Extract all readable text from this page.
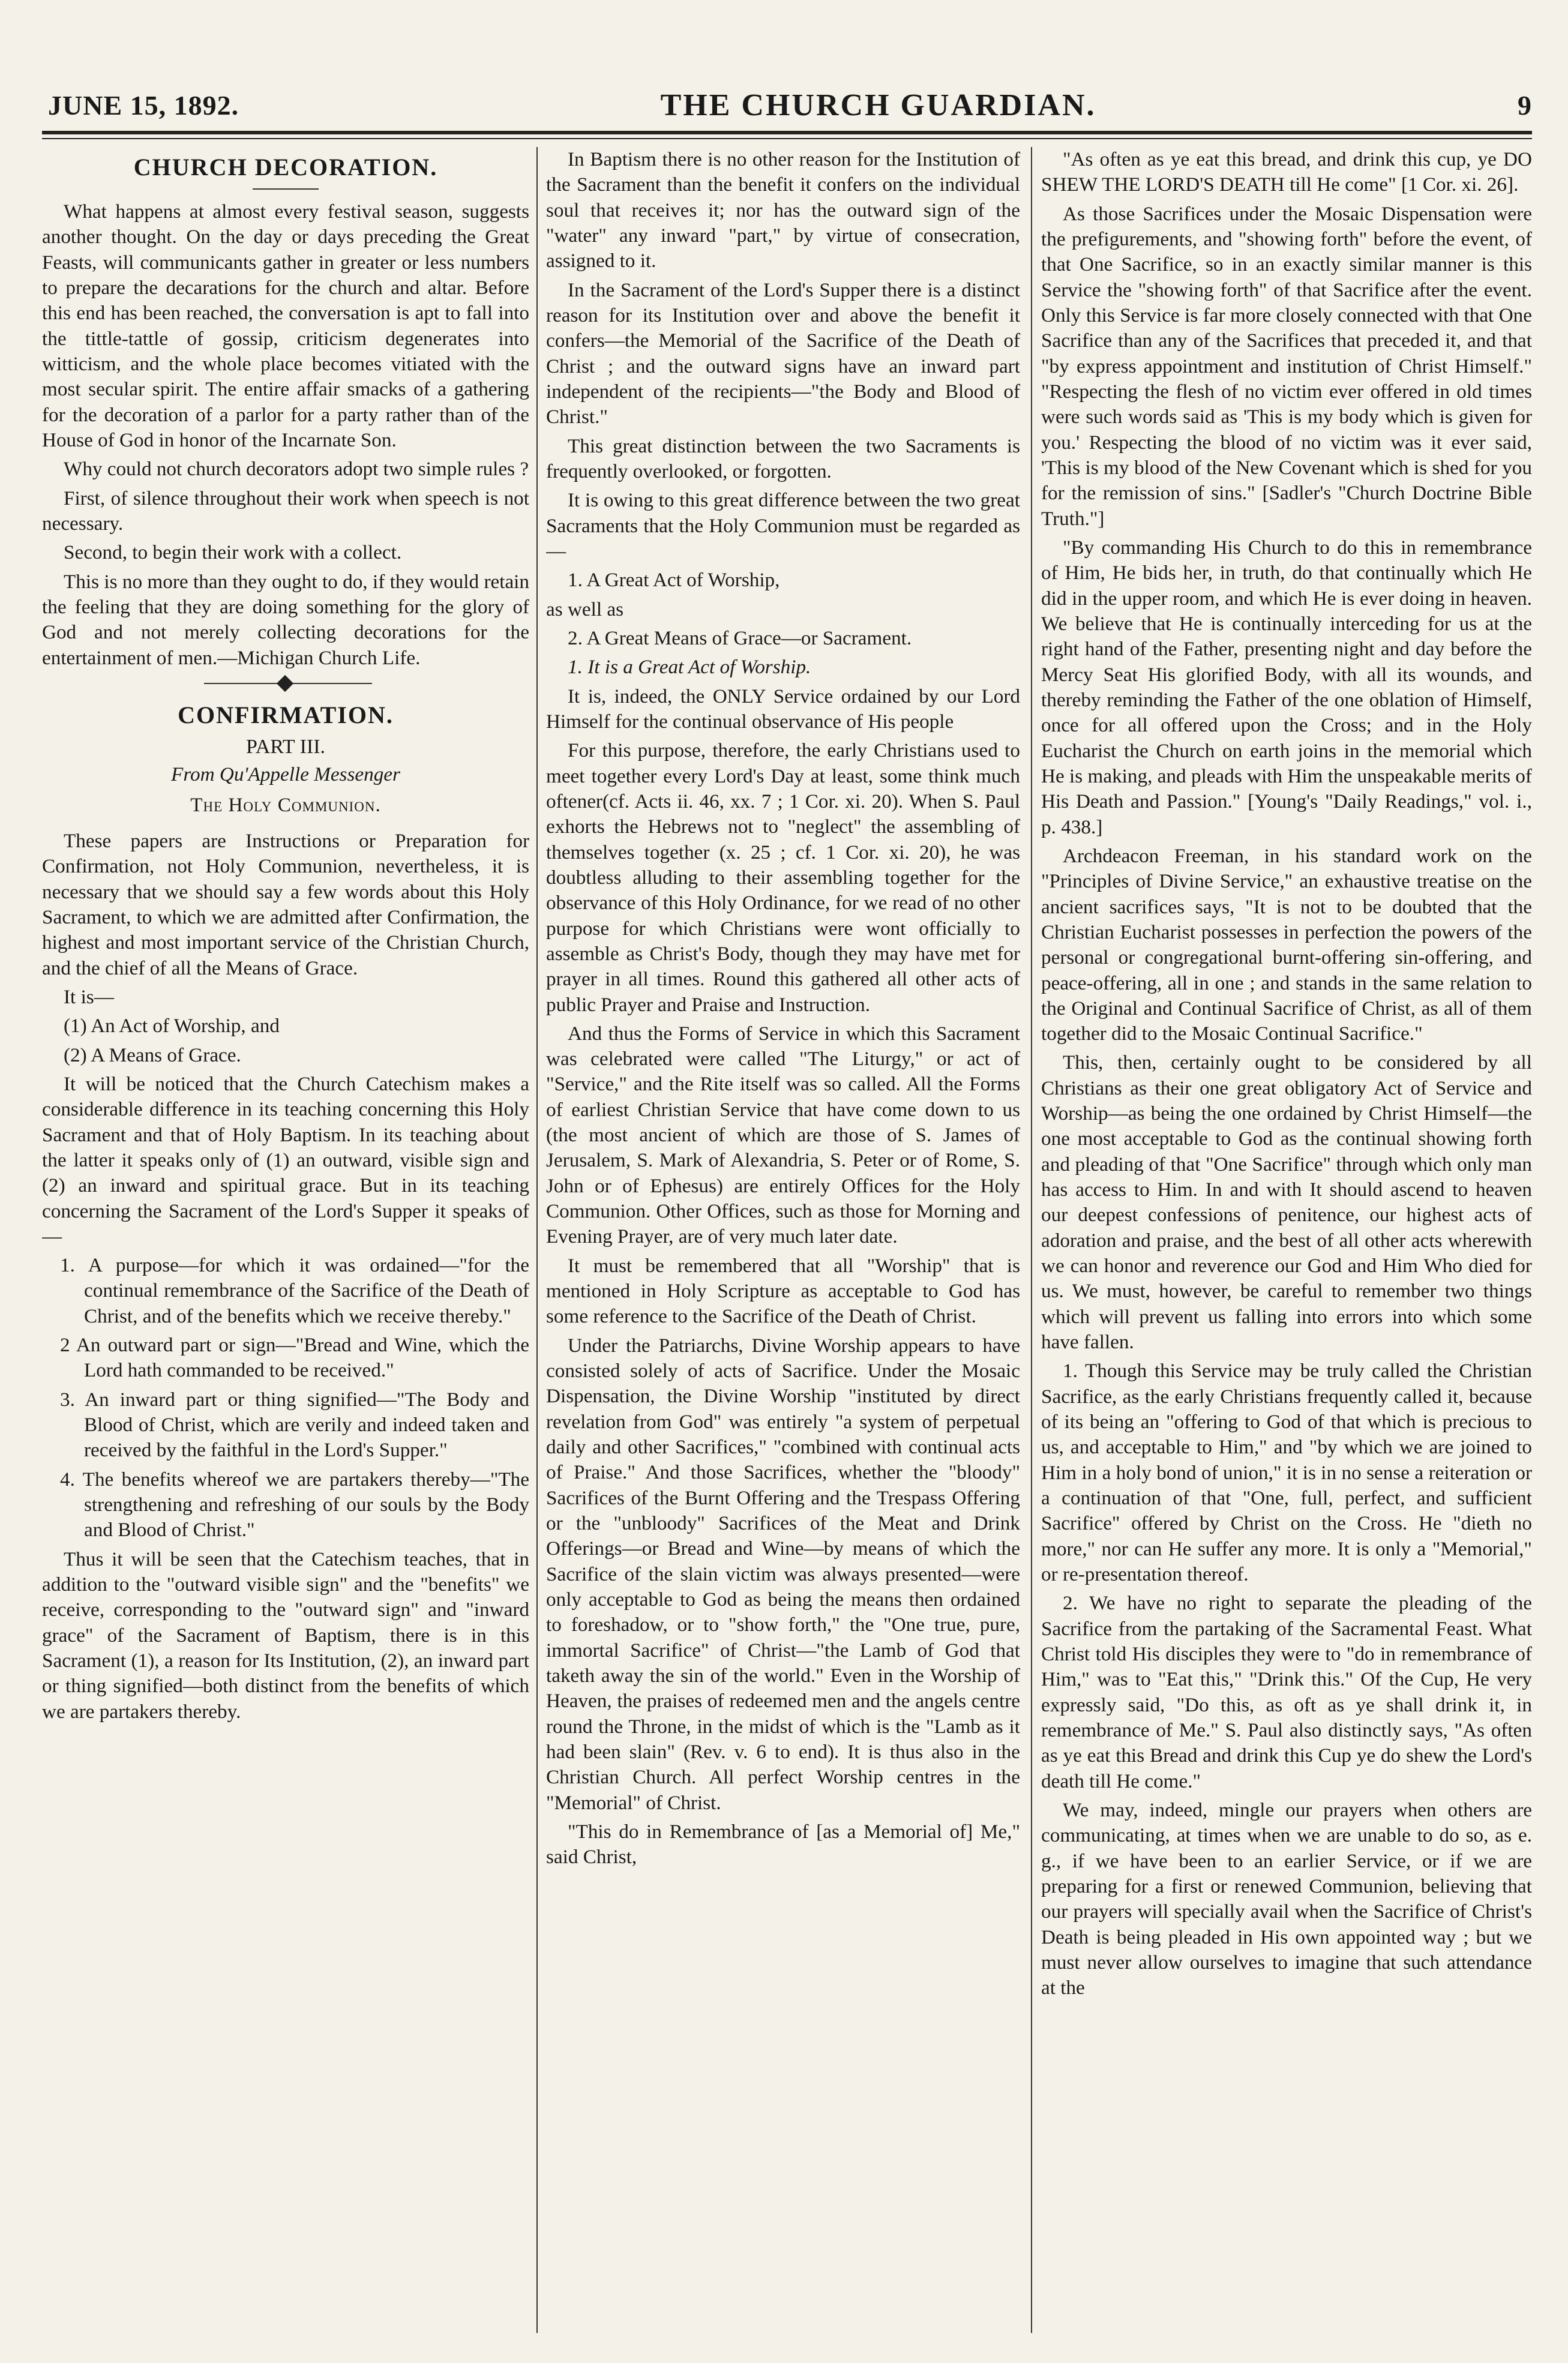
JUNE 15, 1892.	THE CHURCH GUARDIAN.	9
CHURCH DECORATION.

What happens at almost every festival season, suggests another thought. On the day or days preceding the Great Feasts, will communicants gather in greater or less numbers to prepare the decarations for the church and altar. Before this end has been reached, the conversation is apt to fall into the tittle-tattle of gossip, criticism degenerates into witticism, and the whole place becomes vitiated with the most secular spirit. The entire affair smacks of a gathering for the decoration of a parlor for a party rather than of the House of God in honor of the Incarnate Son.

Why could not church decorators adopt two simple rules ?

First, of silence throughout their work when speech is not necessary.

Second, to begin their work with a collect.

This is no more than they ought to do, if they would retain the feeling that they are doing something for the glory of God and not merely collecting decorations for the entertainment of men.—Michigan Church Life.

CONFIRMATION.
PART III.
From Qu'Appelle Messenger
The Holy Communion.

These papers are Instructions or Preparation for Confirmation, not Holy Communion, nevertheless, it is necessary that we should say a few words about this Holy Sacrament, to which we are admitted after Confirmation, the highest and most important service of the Christian Church, and the chief of all the Means of Grace.

It is—

(1) An Act of Worship, and

(2) A Means of Grace.

It will be noticed that the Church Catechism makes a considerable difference in its teaching concerning this Holy Sacrament and that of Holy Baptism. In its teaching about the latter it speaks only of (1) an outward, visible sign and (2) an inward and spiritual grace. But in its teaching concerning the Sacrament of the Lord's Supper it speaks of—

1. A purpose—for which it was ordained—"for the continual remembrance of the Sacrifice of the Death of Christ, and of the benefits which we receive thereby."

2 An outward part or sign—"Bread and Wine, which the Lord hath commanded to be received."

3. An inward part or thing signified—"The Body and Blood of Christ, which are verily and indeed taken and received by the faithful in the Lord's Supper."

4. The benefits whereof we are partakers thereby—"The strengthening and refreshing of our souls by the Body and Blood of Christ."

Thus it will be seen that the Catechism teaches, that in addition to the "outward visible sign" and the "benefits" we receive, corresponding to the "outward sign" and "inward grace" of the Sacrament of Baptism, there is in this Sacrament (1), a reason for Its Institution, (2), an inward part or thing signified—both distinct from the benefits of which we are partakers thereby.

In Baptism there is no other reason for the Institution of the Sacrament than the benefit it confers on the individual soul that receives it; nor has the outward sign of the "water" any inward "part," by virtue of consecration, assigned to it.

In the Sacrament of the Lord's Supper there is a distinct reason for its Institution over and above the benefit it confers—the Memorial of the Sacrifice of the Death of Christ ; and the outward signs have an inward part independent of the recipients—"the Body and Blood of Christ."

This great distinction between the two Sacraments is frequently overlooked, or forgotten.

It is owing to this great difference between the two great Sacraments that the Holy Communion must be regarded as—

1. A Great Act of Worship,

as well as

2. A Great Means of Grace—or Sacrament.

1. It is a Great Act of Worship.

It is, indeed, the ONLY Service ordained by our Lord Himself for the continual observance of His people

For this purpose, therefore, the early Christians used to meet together every Lord's Day at least, some think much oftener(cf. Acts ii. 46, xx. 7 ; 1 Cor. xi. 20). When S. Paul exhorts the Hebrews not to "neglect" the assembling of themselves together (x. 25 ; cf. 1 Cor. xi. 20), he was doubtless alluding to their assembling together for the observance of this Holy Ordinance, for we read of no other purpose for which Christians were wont officially to assemble as Christ's Body, though they may have met for prayer in all times. Round this gathered all other acts of public Prayer and Praise and Instruction.

And thus the Forms of Service in which this Sacrament was celebrated were called "The Liturgy," or act of "Service," and the Rite itself was so called. All the Forms of earliest Christian Service that have come down to us (the most ancient of which are those of S. James of Jerusalem, S. Mark of Alexandria, S. Peter or of Rome, S. John or of Ephesus) are entirely Offices for the Holy Communion. Other Offices, such as those for Morning and Evening Prayer, are of very much later date.

It must be remembered that all "Worship" that is mentioned in Holy Scripture as acceptable to God has some reference to the Sacrifice of the Death of Christ.

Under the Patriarchs, Divine Worship appears to have consisted solely of acts of Sacrifice. Under the Mosaic Dispensation, the Divine Worship "instituted by direct revelation from God" was entirely "a system of perpetual daily and other Sacrifices," "combined with continual acts of Praise." And those Sacrifices, whether the "bloody" Sacrifices of the Burnt Offering and the Trespass Offering or the "unbloody" Sacrifices of the Meat and Drink Offerings—or Bread and Wine—by means of which the Sacrifice of the slain victim was always presented—were only acceptable to God as being the means then ordained to foreshadow, or to "show forth," the "One true, pure, immortal Sacrifice" of Christ—"the Lamb of God that taketh away the sin of the world." Even in the Worship of Heaven, the praises of redeemed men and the angels centre round the Throne, in the midst of which is the "Lamb as it had been slain" (Rev. v. 6 to end). It is thus also in the Christian Church. All perfect Worship centres in the "Memorial" of Christ.

"This do in Remembrance of [as a Memorial of] Me," said Christ,

"As often as ye eat this bread, and drink this cup, ye DO SHEW THE LORD'S DEATH till He come" [1 Cor. xi. 26].

As those Sacrifices under the Mosaic Dispensation were the prefigurements, and "showing forth" before the event, of that One Sacrifice, so in an exactly similar manner is this Service the "showing forth" of that Sacrifice after the event. Only this Service is far more closely connected with that One Sacrifice than any of the Sacrifices that preceded it, and that "by express appointment and institution of Christ Himself." "Respecting the flesh of no victim ever offered in old times were such words said as 'This is my body which is given for you.' Respecting the blood of no victim was it ever said, 'This is my blood of the New Covenant which is shed for you for the remission of sins." [Sadler's "Church Doctrine Bible Truth."]

"By commanding His Church to do this in remembrance of Him, He bids her, in truth, do that continually which He did in the upper room, and which He is ever doing in heaven. We believe that He is continually interceding for us at the right hand of the Father, presenting night and day before the Mercy Seat His glorified Body, with all its wounds, and thereby reminding the Father of the one oblation of Himself, once for all offered upon the Cross; and in the Holy Eucharist the Church on earth joins in the memorial which He is making, and pleads with Him the unspeakable merits of His Death and Passion." [Young's "Daily Readings," vol. i., p. 438.]

Archdeacon Freeman, in his standard work on the "Principles of Divine Service," an exhaustive treatise on the ancient sacrifices says, "It is not to be doubted that the Christian Eucharist possesses in perfection the powers of the personal or congregational burnt-offering sin-offering, and peace-offering, all in one ; and stands in the same relation to the Original and Continual Sacrifice of Christ, as all of them together did to the Mosaic Continual Sacrifice."

This, then, certainly ought to be considered by all Christians as their one great obligatory Act of Service and Worship—as being the one ordained by Christ Himself—the one most acceptable to God as the continual showing forth and pleading of that "One Sacrifice" through which only man has access to Him. In and with It should ascend to heaven our deepest confessions of penitence, our highest acts of adoration and praise, and the best of all other acts wherewith we can honor and reverence our God and Him Who died for us. We must, however, be careful to remember two things which will prevent us falling into errors into which some have fallen.

1. Though this Service may be truly called the Christian Sacrifice, as the early Christians frequently called it, because of its being an "offering to God of that which is precious to us, and acceptable to Him," and "by which we are joined to Him in a holy bond of union," it is in no sense a reiteration or a continuation of that "One, full, perfect, and sufficient Sacrifice" offered by Christ on the Cross. He "dieth no more," nor can He suffer any more. It is only a "Memorial," or re-presentation thereof.

2. We have no right to separate the pleading of the Sacrifice from the partaking of the Sacramental Feast. What Christ told His disciples they were to "do in remembrance of Him," was to "Eat this," "Drink this." Of the Cup, He very expressly said, "Do this, as oft as ye shall drink it, in remembrance of Me." S. Paul also distinctly says, "As often as ye eat this Bread and drink this Cup ye do shew the Lord's death till He come."

We may, indeed, mingle our prayers when others are communicating, at times when we are unable to do so, as e. g., if we have been to an earlier Service, or if we are preparing for a first or renewed Communion, believing that our prayers will specially avail when the Sacrifice of Christ's Death is being pleaded in His own appointed way ; but we must never allow ourselves to imagine that such attendance at the
